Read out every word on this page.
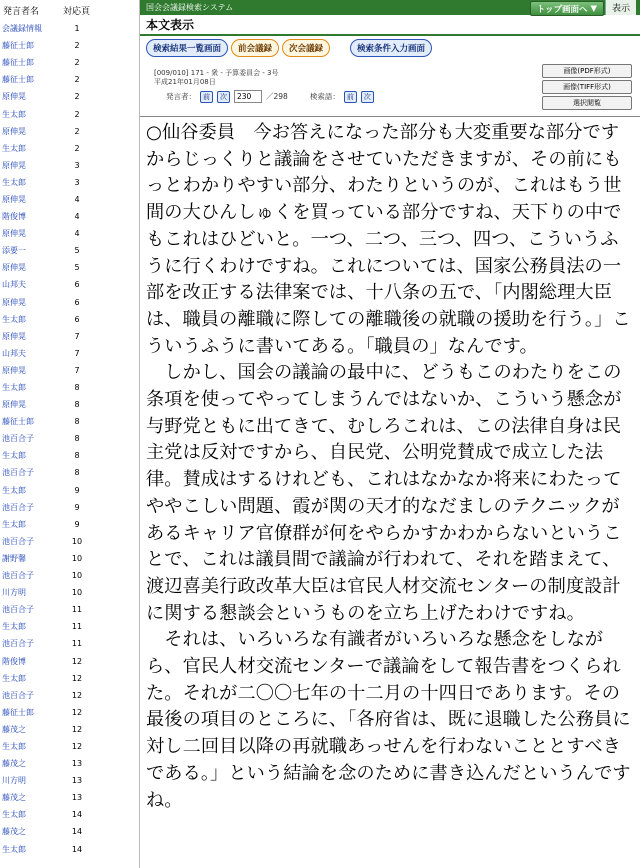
発言者名	対応頁
会議録情報	1
藤征士郎	2
藤征士郎	2
藤征士郎	2
原伸晃	2
生太郎	2
原伸晃	2
生太郎	2
原伸晃	3
生太郎	3
原伸晃	4
階俊博	4
原伸晃	4
添要一	5
原伸晃	5
山邦夫	6
原伸晃	6
生太郎	6
原伸晃	7
山邦夫	7
原伸晃	7
生太郎	8
原伸晃	8
藤征士郎	8
池百合子	8
生太郎	8
池百合子	8
生太郎	9
池百合子	9
生太郎	9
池百合子	10
謝野馨	10
池百合子	10
川方明	10
池百合子	11
生太郎	11
池百合子	11
階俊博	12
生太郎	12
池百合子	12
藤征士郎	12
藤茂之	12
生太郎	12
藤茂之	13
川方明	13
藤茂之	13
生太郎	14
藤茂之	14
生太郎	14
国会会議録検索システム	トップ画面へ ▼	表示
本文表示
検索結果一覧画面	前会議録	次会議録	検索条件入力画面
[009/010] 171 - 衆 - 予算委員会 - 3号
平成21年01月08日
発言者：	前	次
230	／298	検索語：	前	次
画像(PDF形式)
画像(TIFF形式)
選択閲覧

○仙谷委員　今お答えになった部分も大変重要な部分ですからじっくりと議論をさせていただきますが、その前にもっとわかりやすい部分、わたりというのが、これはもう世間の大ひんしゅくを買っている部分ですね、天下りの中でもこれはひどいと。一つ、二つ、三つ、四つ、こういうふうに行くわけですね。これについては、国家公務員法の一部を改正する法律案では、十八条の五で、「内閣総理大臣は、職員の離職に際しての離職後の就職の援助を行う。」こういうふうに書いてある。「職員の」なんです。

　しかし、国会の議論の最中に、どうもこのわたりをこの条項を使ってやってしまうんではないか、こういう懸念が与野党ともに出てきて、むしろこれは、この法律自身は民主党は反対ですから、自民党、公明党賛成で成立した法律。賛成はするけれども、これはなかなか将来にわたってややこしい問題、霞が関の天才的なだましのテクニックがあるキャリア官僚群が何をやらかすかわからないということで、これは議員間で議論が行われて、それを踏まえて、渡辺喜美行政改革大臣は官民人材交流センターの制度設計に関する懇談会というものを立ち上げたわけですね。

　それは、いろいろな有識者がいろいろな懸念をしながら、官民人材交流センターで議論をして報告書をつくられた。それが二〇〇七年の十二月の十四日であります。その最後の項目のところに、「各府省は、既に退職した公務員に対し二回目以降の再就職あっせんを行わないこととすべきである。」という結論を念のために書き込んだというんですね。
